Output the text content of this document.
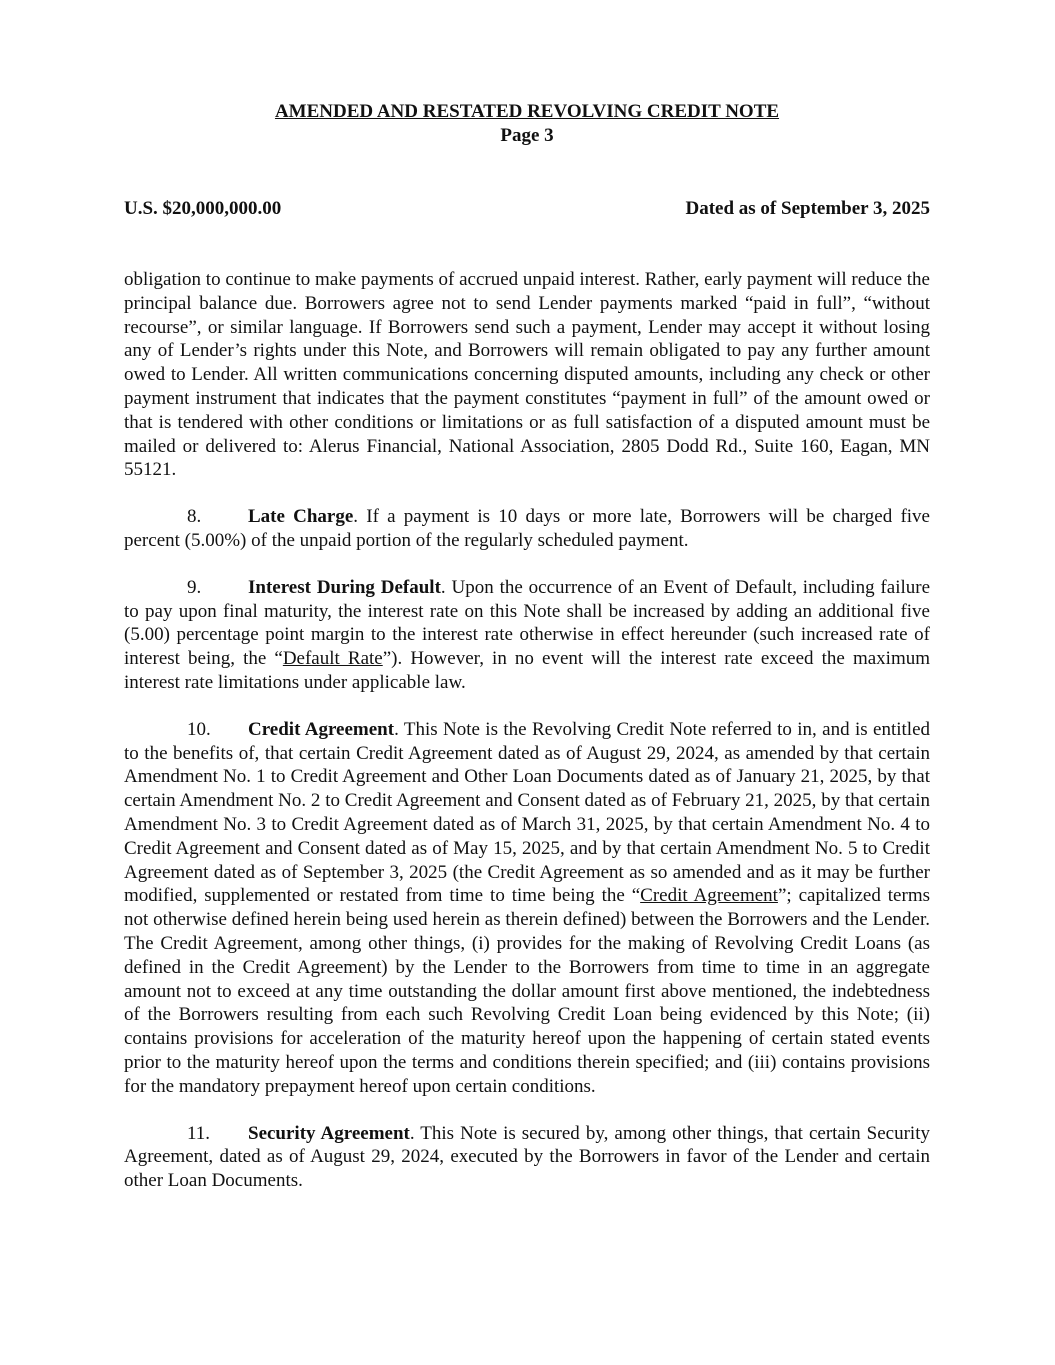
AMENDED AND RESTATED REVOLVING CREDIT NOTE
Page 3
U.S. $20,000,000.00	Dated as of September 3, 2025

obligation to continue to make payments of accrued unpaid interest. Rather, early payment will reduce the principal balance due. Borrowers agree not to send Lender payments marked “paid in full”, “without recourse”, or similar language. If Borrowers send such a payment, Lender may accept it without losing any of Lender’s rights under this Note, and Borrowers will remain obligated to pay any further amount owed to Lender. All written communications concerning disputed amounts, including any check or other payment instrument that indicates that the payment constitutes “payment in full” of the amount owed or that is tendered with other conditions or limitations or as full satisfaction of a disputed amount must be mailed or delivered to: Alerus Financial, National Association, 2805 Dodd Rd., Suite 160, Eagan, MN 55121.

8. Late Charge. If a payment is 10 days or more late, Borrowers will be charged five percent (5.00%) of the unpaid portion of the regularly scheduled payment.

9. Interest During Default. Upon the occurrence of an Event of Default, including failure to pay upon final maturity, the interest rate on this Note shall be increased by adding an additional five (5.00) percentage point margin to the interest rate otherwise in effect hereunder (such increased rate of interest being, the “Default Rate”). However, in no event will the interest rate exceed the maximum interest rate limitations under applicable law.

10. Credit Agreement. This Note is the Revolving Credit Note referred to in, and is entitled to the benefits of, that certain Credit Agreement dated as of August 29, 2024, as amended by that certain Amendment No. 1 to Credit Agreement and Other Loan Documents dated as of January 21, 2025, by that certain Amendment No. 2 to Credit Agreement and Consent dated as of February 21, 2025, by that certain Amendment No. 3 to Credit Agreement dated as of March 31, 2025, by that certain Amendment No. 4 to Credit Agreement and Consent dated as of May 15, 2025, and by that certain Amendment No. 5 to Credit Agreement dated as of September 3, 2025 (the Credit Agreement as so amended and as it may be further modified, supplemented or restated from time to time being the “Credit Agreement”; capitalized terms not otherwise defined herein being used herein as therein defined) between the Borrowers and the Lender. The Credit Agreement, among other things, (i) provides for the making of Revolving Credit Loans (as defined in the Credit Agreement) by the Lender to the Borrowers from time to time in an aggregate amount not to exceed at any time outstanding the dollar amount first above mentioned, the indebtedness of the Borrowers resulting from each such Revolving Credit Loan being evidenced by this Note; (ii) contains provisions for acceleration of the maturity hereof upon the happening of certain stated events prior to the maturity hereof upon the terms and conditions therein specified; and (iii) contains provisions for the mandatory prepayment hereof upon certain conditions.

11. Security Agreement. This Note is secured by, among other things, that certain Security Agreement, dated as of August 29, 2024, executed by the Borrowers in favor of the Lender and certain other Loan Documents.
